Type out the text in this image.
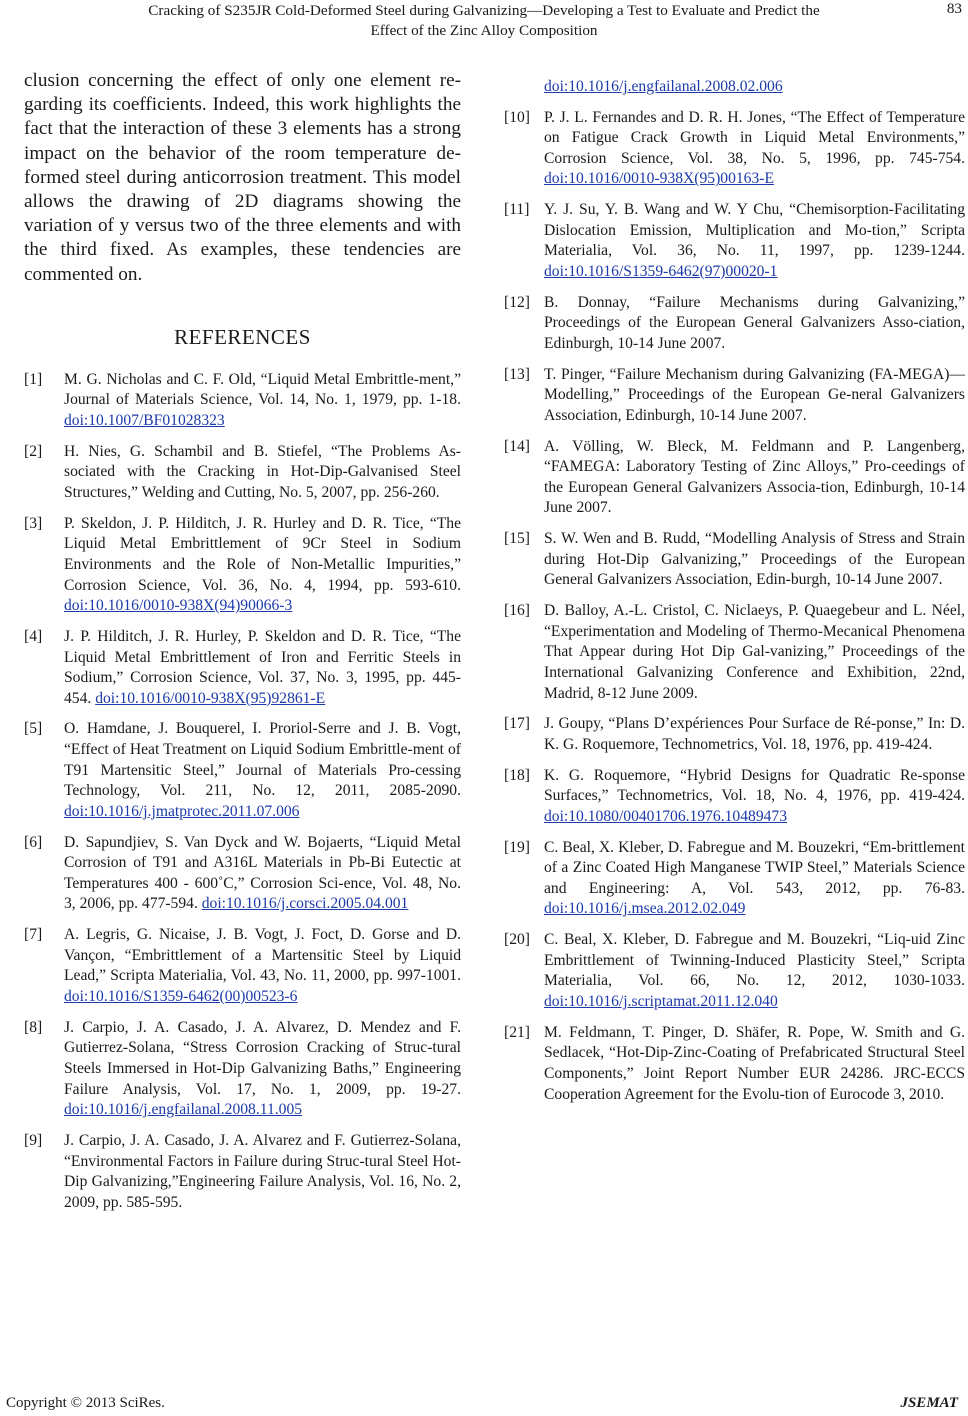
Cracking of S235JR Cold-Deformed Steel during Galvanizing—Developing a Test to Evaluate and Predict the
Effect of the Zinc Alloy Composition
83

clusion concerning the effect of only one element re-garding its coefficients. Indeed, this work highlights the fact that the interaction of these 3 elements has a strong impact on the behavior of the room temperature de-formed steel during anticorrosion treatment. This model allows the drawing of 2D diagrams showing the variation of y versus two of the three elements and with the third fixed. As examples, these tendencies are commented on.

REFERENCES
[1]	M. G. Nicholas and C. F. Old, “Liquid Metal Embrittle-ment,” Journal of Materials Science, Vol. 14, No. 1, 1979, pp. 1-18. doi:10.1007/BF01028323
[2]	H. Nies, G. Schambil and B. Stiefel, “The Problems As-sociated with the Cracking in Hot-Dip-Galvanised Steel Structures,” Welding and Cutting, No. 5, 2007, pp. 256-260.
[3]	P. Skeldon, J. P. Hilditch, J. R. Hurley and D. R. Tice, “The Liquid Metal Embrittlement of 9Cr Steel in Sodium Environments and the Role of Non-Metallic Impurities,” Corrosion Science, Vol. 36, No. 4, 1994, pp. 593-610. doi:10.1016/0010-938X(94)90066-3
[4]	J. P. Hilditch, J. R. Hurley, P. Skeldon and D. R. Tice, “The Liquid Metal Embrittlement of Iron and Ferritic Steels in Sodium,” Corrosion Science, Vol. 37, No. 3, 1995, pp. 445-454. doi:10.1016/0010-938X(95)92861-E
[5]	O. Hamdane, J. Bouquerel, I. Proriol-Serre and J. B. Vogt, “Effect of Heat Treatment on Liquid Sodium Embrittle-ment of T91 Martensitic Steel,” Journal of Materials Pro-cessing Technology, Vol. 211, No. 12, 2011, 2085-2090. doi:10.1016/j.jmatprotec.2011.07.006
[6]	D. Sapundjiev, S. Van Dyck and W. Bojaerts, “Liquid Metal Corrosion of T91 and A316L Materials in Pb-Bi Eutectic at Temperatures 400 - 600˚C,” Corrosion Sci-ence, Vol. 48, No. 3, 2006, pp. 477-594. doi:10.1016/j.corsci.2005.04.001
[7]	A. Legris, G. Nicaise, J. B. Vogt, J. Foct, D. Gorse and D. Vançon, “Embrittlement of a Martensitic Steel by Liquid Lead,” Scripta Materialia, Vol. 43, No. 11, 2000, pp. 997-1001. doi:10.1016/S1359-6462(00)00523-6
[8]	J. Carpio, J. A. Casado, J. A. Alvarez, D. Mendez and F. Gutierrez-Solana, “Stress Corrosion Cracking of Struc-tural Steels Immersed in Hot-Dip Galvanizing Baths,” Engineering Failure Analysis, Vol. 17, No. 1, 2009, pp. 19-27. doi:10.1016/j.engfailanal.2008.11.005
[9]	J. Carpio, J. A. Casado, J. A. Alvarez and F. Gutierrez-Solana, “Environmental Factors in Failure during Struc-tural Steel Hot-Dip Galvanizing,”Engineering Failure Analysis, Vol. 16, No. 2, 2009, pp. 585-595.
doi:10.1016/j.engfailanal.2008.02.006
[10] P. J. L. Fernandes and D. R. H. Jones, “The Effect of Temperature on Fatigue Crack Growth in Liquid Metal Environments,” Corrosion Science, Vol. 38, No. 5, 1996, pp. 745-754. doi:10.1016/0010-938X(95)00163-E
[11] Y. J. Su, Y. B. Wang and W. Y Chu, “Chemisorption-Facilitating Dislocation Emission, Multiplication and Mo-tion,” Scripta Materialia, Vol. 36, No. 11, 1997, pp. 1239-1244. doi:10.1016/S1359-6462(97)00020-1
[12] B. Donnay, “Failure Mechanisms during Galvanizing,” Proceedings of the European General Galvanizers Asso-ciation, Edinburgh, 10-14 June 2007.
[13] T. Pinger, “Failure Mechanism during Galvanizing (FA-MEGA)—Modelling,” Proceedings of the European Ge-neral Galvanizers Association, Edinburgh, 10-14 June 2007.
[14] A. Völling, W. Bleck, M. Feldmann and P. Langenberg, “FAMEGA: Laboratory Testing of Zinc Alloys,” Pro-ceedings of the European General Galvanizers Associa-tion, Edinburgh, 10-14 June 2007.
[15] S. W. Wen and B. Rudd, “Modelling Analysis of Stress and Strain during Hot-Dip Galvanizing,” Proceedings of the European General Galvanizers Association, Edin-burgh, 10-14 June 2007.
[16] D. Balloy, A.-L. Cristol, C. Niclaeys, P. Quaegebeur and L. Néel, “Experimentation and Modeling of Thermo-Mecanical Phenomena That Appear during Hot Dip Gal-vanizing,” Proceedings of the International Galvanizing Conference and Exhibition, 22nd, Madrid, 8-12 June 2009.
[17] J. Goupy, “Plans D’expériences Pour Surface de Ré-ponse,” In: D. K. G. Roquemore, Technometrics, Vol. 18, 1976, pp. 419-424.
[18] K. G. Roquemore, “Hybrid Designs for Quadratic Re-sponse Surfaces,” Technometrics, Vol. 18, No. 4, 1976, pp. 419-424. doi:10.1080/00401706.1976.10489473
[19] C. Beal, X. Kleber, D. Fabregue and M. Bouzekri, “Em-brittlement of a Zinc Coated High Manganese TWIP Steel,” Materials Science and Engineering: A, Vol. 543, 2012, pp. 76-83. doi:10.1016/j.msea.2012.02.049
[20] C. Beal, X. Kleber, D. Fabregue and M. Bouzekri, “Liq-uid Zinc Embrittlement of Twinning-Induced Plasticity Steel,” Scripta Materialia, Vol. 66, No. 12, 2012, 1030-1033. doi:10.1016/j.scriptamat.2011.12.040
[21] M. Feldmann, T. Pinger, D. Shäfer, R. Pope, W. Smith and G. Sedlacek, “Hot-Dip-Zinc-Coating of Prefabricated Structural Steel Components,” Joint Report Number EUR 24286. JRC-ECCS Cooperation Agreement for the Evolu-tion of Eurocode 3, 2010.
Copyright © 2013 SciRes.	JSEMAT
